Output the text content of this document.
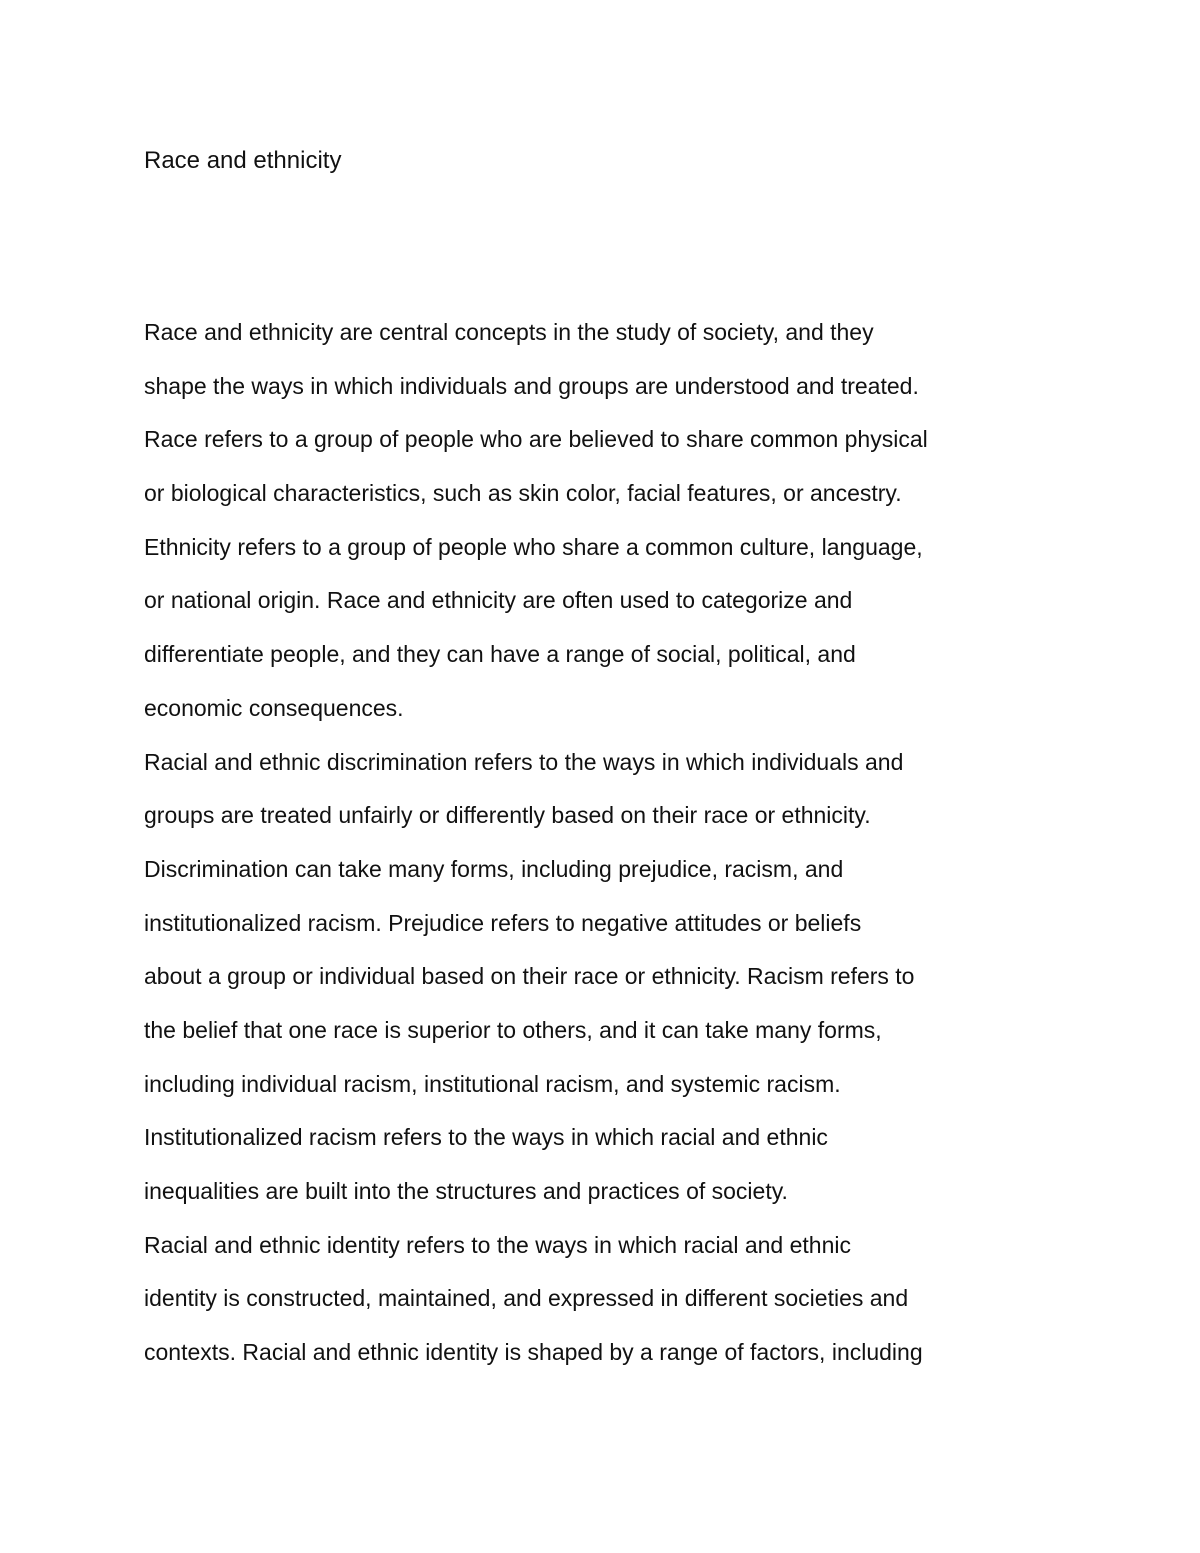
Race and ethnicity
Race and ethnicity are central concepts in the study of society, and they
shape the ways in which individuals and groups are understood and treated.
Race refers to a group of people who are believed to share common physical
or biological characteristics, such as skin color, facial features, or ancestry.
Ethnicity refers to a group of people who share a common culture, language,
or national origin. Race and ethnicity are often used to categorize and
differentiate people, and they can have a range of social, political, and
economic consequences.
Racial and ethnic discrimination refers to the ways in which individuals and
groups are treated unfairly or differently based on their race or ethnicity.
Discrimination can take many forms, including prejudice, racism, and
institutionalized racism. Prejudice refers to negative attitudes or beliefs
about a group or individual based on their race or ethnicity. Racism refers to
the belief that one race is superior to others, and it can take many forms,
including individual racism, institutional racism, and systemic racism.
Institutionalized racism refers to the ways in which racial and ethnic
inequalities are built into the structures and practices of society.
Racial and ethnic identity refers to the ways in which racial and ethnic
identity is constructed, maintained, and expressed in different societies and
contexts. Racial and ethnic identity is shaped by a range of factors, including
